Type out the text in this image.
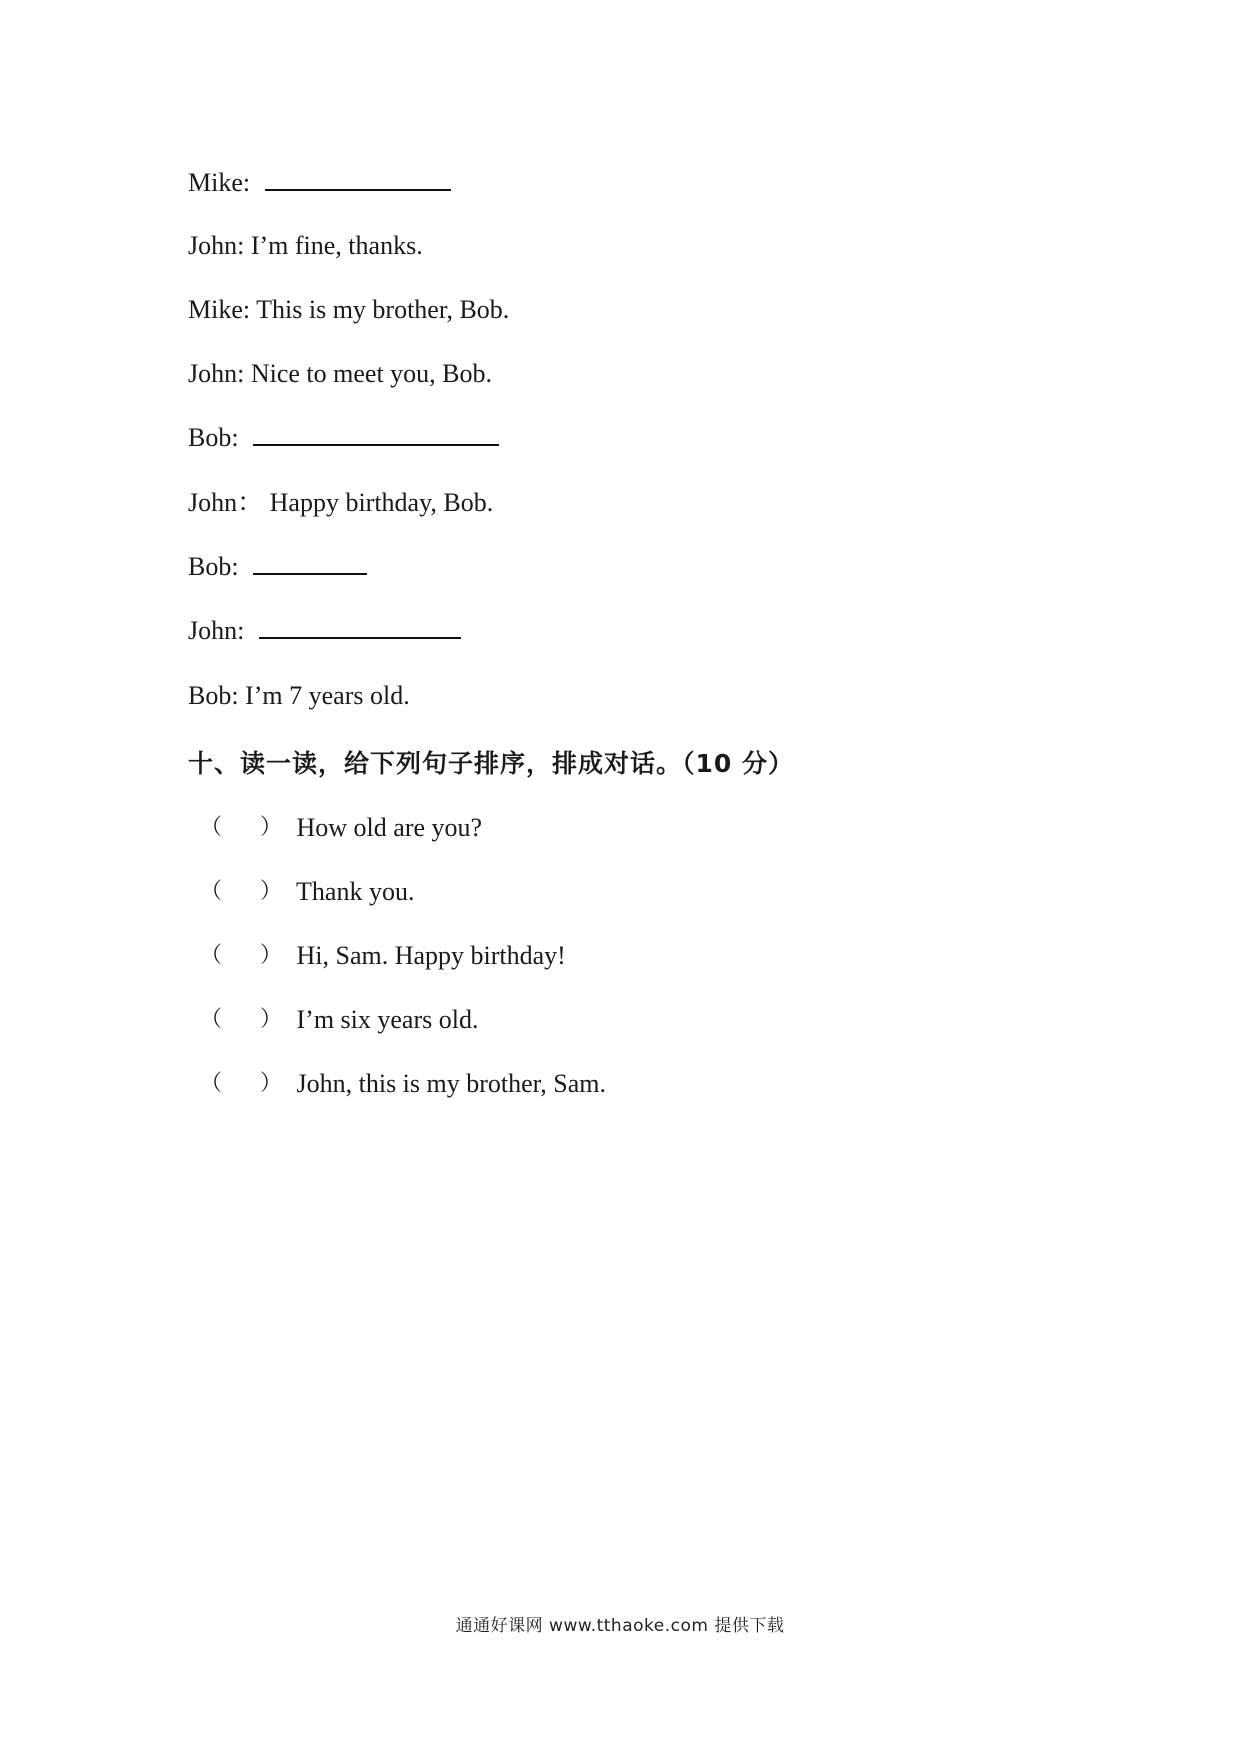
Mike:
John: I’m fine, thanks.
Mike: This is my brother, Bob.
John: Nice to meet you, Bob.
Bob:
John： Happy birthday, Bob.
Bob:
John:
Bob: I’m 7 years old.
十、读一读，给下列句子排序，排成对话。（10 分）
（ ） How old are you?
（ ） Thank you.
（ ） Hi, Sam. Happy birthday!
（ ） I’m six years old.
（ ） John, this is my brother, Sam.
通通好课网 www.tthaoke.com 提供下载
